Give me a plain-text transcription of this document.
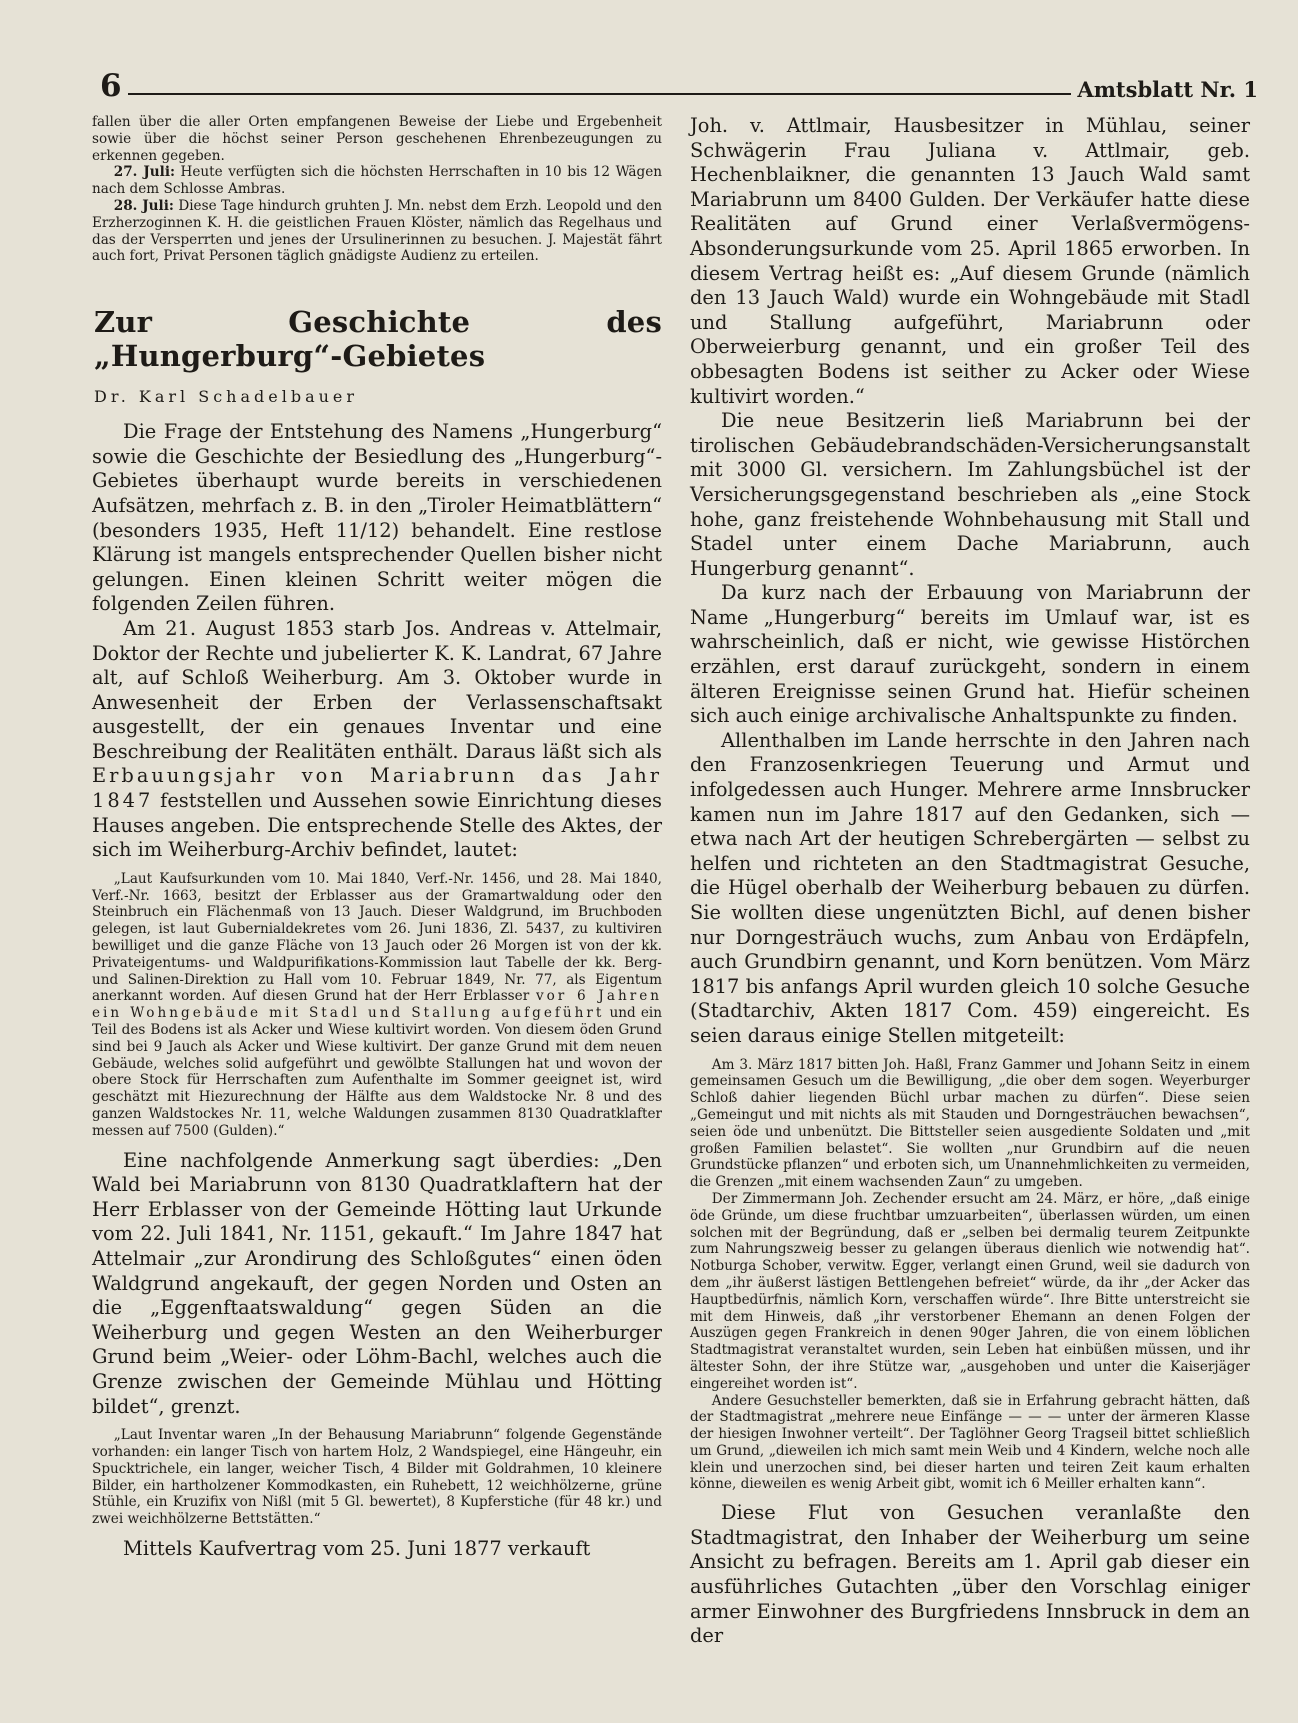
6	Amtsblatt Nr. 1

fallen über die aller Orten empfangenen Beweise der Liebe und Ergebenheit sowie über die höchst seiner Person geschehenen Ehrenbezeugungen zu erkennen gegeben.

27. Juli: Heute verfügten sich die höchsten Herrschaften in 10 bis 12 Wägen nach dem Schlosse Ambras.

28. Juli: Diese Tage hindurch gruhten J. Mn. nebst dem Erzh. Leopold und den Erzherzoginnen K. H. die geistlichen Frauen Klöster, nämlich das Regelhaus und das der Versperrten und jenes der Ursulinerinnen zu besuchen. J. Majestät fährt auch fort, Privat Personen täglich gnädigste Audienz zu erteilen.

Zur Geschichte des „Hungerburg“-Gebietes

Dr. Karl Schadelbauer

Die Frage der Entstehung des Namens „Hungerburg“ sowie die Geschichte der Besiedlung des „Hungerburg“-Gebietes überhaupt wurde bereits in verschiedenen Aufsätzen, mehrfach z. B. in den „Tiroler Heimatblättern“ (besonders 1935, Heft 11/12) behandelt. Eine restlose Klärung ist mangels entsprechender Quellen bisher nicht gelungen. Einen kleinen Schritt weiter mögen die folgenden Zeilen führen.

Am 21. August 1853 starb Jos. Andreas v. Attelmair, Doktor der Rechte und jubelierter K. K. Landrat, 67 Jahre alt, auf Schloß Weiherburg. Am 3. Oktober wurde in Anwesenheit der Erben der Verlassenschaftsakt ausgestellt, der ein genaues Inventar und eine Beschreibung der Realitäten enthält. Daraus läßt sich als Erbauungsjahr von Mariabrunn das Jahr 1847 feststellen und Aussehen sowie Einrichtung dieses Hauses angeben. Die entsprechende Stelle des Aktes, der sich im Weiherburg-Archiv befindet, lautet:

„Laut Kaufsurkunden vom 10. Mai 1840, Verf.-Nr. 1456, und 28. Mai 1840, Verf.-Nr. 1663, besitzt der Erblasser aus der Gramartwaldung oder den Steinbruch ein Flächenmaß von 13 Jauch. Dieser Waldgrund, im Bruchboden gelegen, ist laut Gubernialdekretes vom 26. Juni 1836, Zl. 5437, zu kultiviren bewilliget und die ganze Fläche von 13 Jauch oder 26 Morgen ist von der kk. Privateigentums- und Waldpurifikations-Kommission laut Tabelle der kk. Berg- und Salinen-Direktion zu Hall vom 10. Februar 1849, Nr. 77, als Eigentum anerkannt worden. Auf diesen Grund hat der Herr Erblasser vor 6 Jahren ein Wohngebäude mit Stadl und Stallung aufgeführt und ein Teil des Bodens ist als Acker und Wiese kultivirt worden. Von diesem öden Grund sind bei 9 Jauch als Acker und Wiese kultivirt. Der ganze Grund mit dem neuen Gebäude, welches solid aufgeführt und gewölbte Stallungen hat und wovon der obere Stock für Herrschaften zum Aufenthalte im Sommer geeignet ist, wird geschätzt mit Hiezurechnung der Hälfte aus dem Waldstocke Nr. 8 und des ganzen Waldstockes Nr. 11, welche Waldungen zusammen 8130 Quadratklafter messen auf 7500 (Gulden).“

Eine nachfolgende Anmerkung sagt überdies: „Den Wald bei Mariabrunn von 8130 Quadratklaftern hat der Herr Erblasser von der Gemeinde Hötting laut Urkunde vom 22. Juli 1841, Nr. 1151, gekauft.“ Im Jahre 1847 hat Attelmair „zur Arondirung des Schloßgutes“ einen öden Waldgrund angekauft, der gegen Norden und Osten an die „Eggenftaatswaldung“ gegen Süden an die Weiherburg und gegen Westen an den Weiherburger Grund beim „Weier- oder Löhm-Bachl, welches auch die Grenze zwischen der Gemeinde Mühlau und Hötting bildet“, grenzt.

„Laut Inventar waren „In der Behausung Mariabrunn“ folgende Gegenstände vorhanden: ein langer Tisch von hartem Holz, 2 Wandspiegel, eine Hängeuhr, ein Spucktrichele, ein langer, weicher Tisch, 4 Bilder mit Goldrahmen, 10 kleinere Bilder, ein hartholzener Kommodkasten, ein Ruhebett, 12 weichhölzerne, grüne Stühle, ein Kruzifix von Nißl (mit 5 Gl. bewertet), 8 Kupferstiche (für 48 kr.) und zwei weichhölzerne Bettstätten.“

Mittels Kaufvertrag vom 25. Juni 1877 verkauft

Joh. v. Attlmair, Hausbesitzer in Mühlau, seiner Schwägerin Frau Juliana v. Attlmair, geb. Hechenblaikner, die genannten 13 Jauch Wald samt Mariabrunn um 8400 Gulden. Der Verkäufer hatte diese Realitäten auf Grund einer Verlaßvermögens-Absonderungsurkunde vom 25. April 1865 erworben. In diesem Vertrag heißt es: „Auf diesem Grunde (nämlich den 13 Jauch Wald) wurde ein Wohngebäude mit Stadl und Stallung aufgeführt, Mariabrunn oder Oberweierburg genannt, und ein großer Teil des obbesagten Bodens ist seither zu Acker oder Wiese kultivirt worden.“

Die neue Besitzerin ließ Mariabrunn bei der tirolischen Gebäudebrandschäden-Versicherungsanstalt mit 3000 Gl. versichern. Im Zahlungsbüchel ist der Versicherungsgegenstand beschrieben als „eine Stock hohe, ganz freistehende Wohnbehausung mit Stall und Stadel unter einem Dache Mariabrunn, auch Hungerburg genannt“.

Da kurz nach der Erbauung von Mariabrunn der Name „Hungerburg“ bereits im Umlauf war, ist es wahrscheinlich, daß er nicht, wie gewisse Histörchen erzählen, erst darauf zurückgeht, sondern in einem älteren Ereignisse seinen Grund hat. Hiefür scheinen sich auch einige archivalische Anhaltspunkte zu finden.

Allenthalben im Lande herrschte in den Jahren nach den Franzosenkriegen Teuerung und Armut und infolgedessen auch Hunger. Mehrere arme Innsbrucker kamen nun im Jahre 1817 auf den Gedanken, sich — etwa nach Art der heutigen Schrebergärten — selbst zu helfen und richteten an den Stadtmagistrat Gesuche, die Hügel oberhalb der Weiherburg bebauen zu dürfen. Sie wollten diese ungenützten Bichl, auf denen bisher nur Dorngesträuch wuchs, zum Anbau von Erdäpfeln, auch Grundbirn genannt, und Korn benützen. Vom März 1817 bis anfangs April wurden gleich 10 solche Gesuche (Stadtarchiv, Akten 1817 Com. 459) eingereicht. Es seien daraus einige Stellen mitgeteilt:

Am 3. März 1817 bitten Joh. Haßl, Franz Gammer und Johann Seitz in einem gemeinsamen Gesuch um die Bewilligung, „die ober dem sogen. Weyerburger Schloß dahier liegenden Büchl urbar machen zu dürfen“. Diese seien „Gemeingut und mit nichts als mit Stauden und Dorngesträuchen bewachsen“, seien öde und unbenützt. Die Bittsteller seien ausgediente Soldaten und „mit großen Familien belastet“. Sie wollten „nur Grundbirn auf die neuen Grundstücke pflanzen“ und erboten sich, um Unannehmlichkeiten zu vermeiden, die Grenzen „mit einem wachsenden Zaun“ zu umgeben.

Der Zimmermann Joh. Zechender ersucht am 24. März, er höre, „daß einige öde Gründe, um diese fruchtbar umzuarbeiten“, überlassen würden, um einen solchen mit der Begründung, daß er „selben bei dermalig teurem Zeitpunkte zum Nahrungszweig besser zu gelangen überaus dienlich wie notwendig hat“. Notburga Schober, verwitw. Egger, verlangt einen Grund, weil sie dadurch von dem „ihr äußerst lästigen Bettlengehen befreiet“ würde, da ihr „der Acker das Hauptbedürfnis, nämlich Korn, verschaffen würde“. Ihre Bitte unterstreicht sie mit dem Hinweis, daß „ihr verstorbener Ehemann an denen Folgen der Auszügen gegen Frankreich in denen 90ger Jahren, die von einem löblichen Stadtmagistrat veranstaltet wurden, sein Leben hat einbüßen müssen, und ihr ältester Sohn, der ihre Stütze war, „ausgehoben und unter die Kaiserjäger eingereihet worden ist“.

Andere Gesuchsteller bemerkten, daß sie in Erfahrung gebracht hätten, daß der Stadtmagistrat „mehrere neue Einfänge — — — unter der ärmeren Klasse der hiesigen Inwohner verteilt“. Der Taglöhner Georg Tragseil bittet schließlich um Grund, „dieweilen ich mich samt mein Weib und 4 Kindern, welche noch alle klein und unerzochen sind, bei dieser harten und teiren Zeit kaum erhalten könne, dieweilen es wenig Arbeit gibt, womit ich 6 Meiller erhalten kann“.

Diese Flut von Gesuchen veranlaßte den Stadtmagistrat, den Inhaber der Weiherburg um seine Ansicht zu befragen. Bereits am 1. April gab dieser ein ausführliches Gutachten „über den Vorschlag einiger armer Einwohner des Burgfriedens Innsbruck in dem an der
